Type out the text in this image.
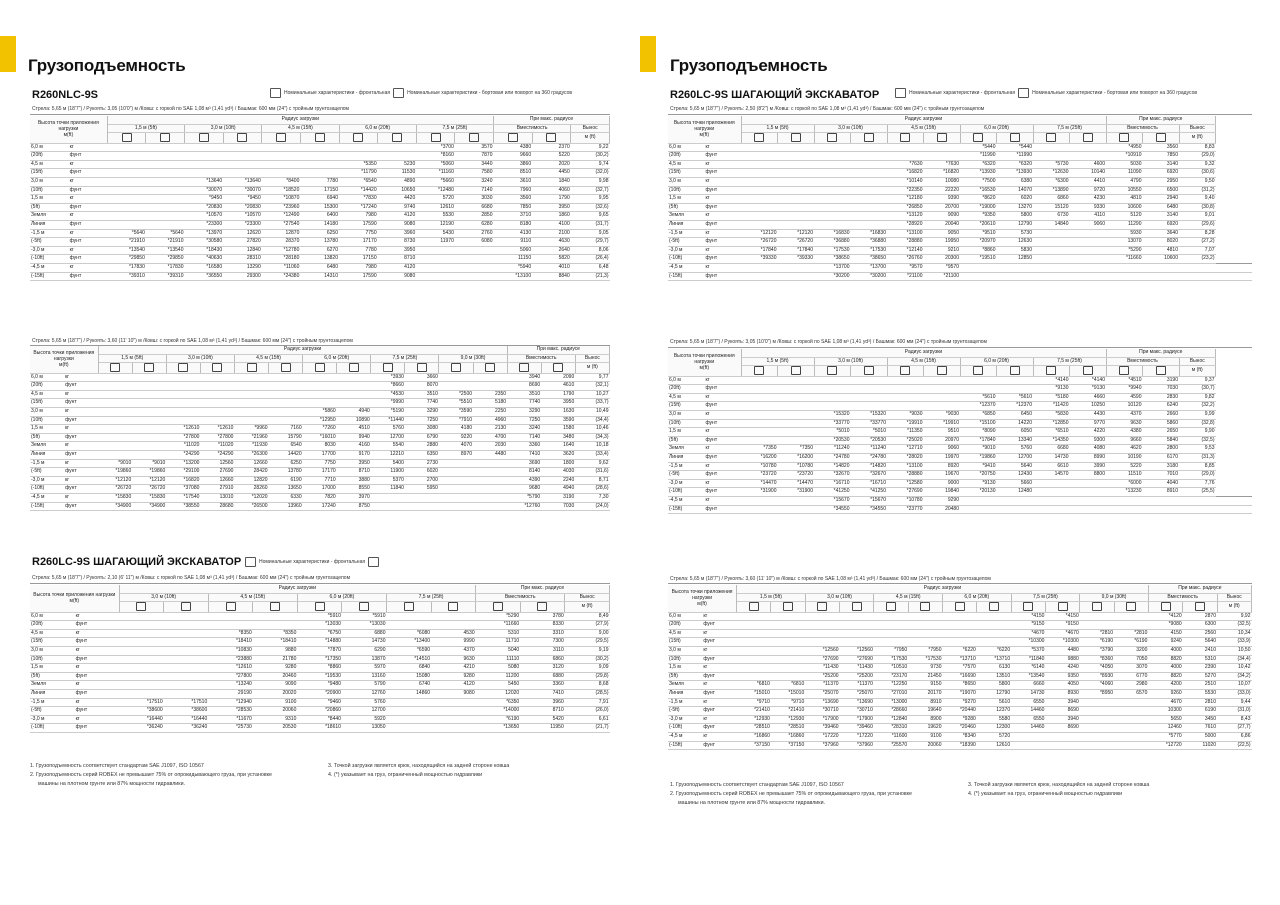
Грузоподъемность
R260NLC-9S	Номинальные характеристики - фронтальная	Номинальные характеристики - бортовая или поворот на 360 градусов
Стрела: 5,65 м (18'7") / Рукоять: 3,05 (10'0") м /Ковш: с горкой по SAE 1,08 м³ (1,41 yd³) / Башмак: 600 мм (24") с тройным грунтозацепом
Высота точки приложения нагрузки
м(ft)		Радиус загрузки										При макс. радиусе		
		1,5 м (5ft)		3,0 м (10ft)		4,5 м (15ft)		6,0 м (20ft)		7,5 м (25ft)		Вместимость		Вынос
														м (ft)
6,0 м	кг									*3700	3570	4380	2370	9,22
(20ft)	фунт									*8160	7870	9660	5220	(30,2)
4,5 м	кг							*5350	5230	*5060	3440	3860	2020	9,74
(15ft)	фунт							*11790	11530	*11160	7580	8510	4450	(32,0)
3,0 м	кг			*13640	*13640	*8400	7780	*6540	4890	*5660	3240	3610	1840	9,98
(10ft)	фунт			*30070	*30070	*18520	17150	*14420	10650	*12480	7140	7960	4060	(32,7)
1,5 м	кг			*9450	*9450	*10870	6940	*7830	4420	5720	3030	3560	1790	9,95
(5ft)	фунт			*20830	*20830	*23960	15300	*17240	9740	12610	6680	7850	3950	(32,6)
Земля	кг			*10570	*10570	*12490	6400	7980	4120	5530	2850	3710	1860	9,65
Линия	фунт			*23300	*23300	*27540	14180	17590	9080	12190	6280	8180	4100	(31,7)
-1,5 м	кг	*5640	*5640	*13970	12620	12870	6250	7750	3960	5430	2760	4130	2100	9,05
(-5ft)	фунт	*21910	*21910	*30580	27820	28370	13780	17170	8730	11970	6080	9110	4630	(29,7)
-3,0 м	кг	*13540	*13540	*18430	12840	*12780	6270	7780	3950			5060	2640	8,06
(-10ft)	фунт	*29850	*29850	*40630	28310	*28180	13820	17150	8710			11150	5820	(26,4)
-4,5 м	кг	*17830	*17830	*16580	13290	*11060	6480	7980	4120			*5940	4010	6,48
(-15ft)	фунт	*39310	*39310	*36550	29300	*24380	14310	17590	9080			*13100	8840	(21,3)
Стрела: 5,65 м (18'7") / Рукоять: 3,60 (11' 10") м /Ковш: с горкой по SAE 1,08 м³ (1,41 yd³) / Башмак: 600 мм (24") с тройным грунтозацепом
Высота точки приложения нагрузки
м(ft)		Радиус загрузки												При макс. радиусе		
		1,5 м (5ft)		3,0 м (10ft)		4,5 м (15ft)		6,0 м (20ft)		7,5 м (25ft)		9,0 м (30ft)		Вместимость		Вынос
																м (ft)
6,0 м	кг									*3930	3660			3940	2090	9,77
(20ft)	фунт									*8660	8070			8690	4610	(32,1)
4,5 м	кг									*4530	3510	*2500	2350	3510	1790	10,27
(15ft)	фунт									*9990	7740	*5510	5180	7740	3950	(33,7)
3,0 м	кг							*5860	4940	*5190	3290	*3590	2250	3290	1630	10,49
(10ft)	фунт							*12950	10890	*11440	7250	*7910	4960	7250	3590	(34,4)
1,5 м	кг			*12610	*12610	*9960	7160	*7260	4510	5760	3080	4180	2130	3240	1580	10,46
(5ft)	фунт			*27800	*27800	*21960	15790	*16010	9940	12700	6790	9220	4700	7140	3480	(34,3)
Земля	кг			*11020	*11020	*11930	6540	8030	4160	5540	2880	4070	2030	3360	1640	10,18
Линия	фунт			*24290	*24290	*26300	14420	17700	9170	12210	6350	8970	4480	7410	3620	(33,4)
-1,5 м	кг	*9010	*9010	*13200	12560	12660	6250	7750	3950	5400	2730			3690	1800	9,62
(-5ft)	фунт	*19860	*19860	*29100	27690	28420	13780	17170	8710	11900	6020			8140	4030	(31,6)
-3,0 м	кг	*12120	*12120	*16820	12660	12820	6190	7710	3880	5370	2700			4390	2240	8,71
(-10ft)	фунт	*26720	*26720	*37080	27910	28260	13650	17000	8550	11840	5950			9680	4940	(28,6)
-4,5 м	кг	*15830	*15830	*17540	13010	*12020	6330	7820	3970					*5790	3190	7,30
(-15ft)	фунт	*34900	*34900	*38550	28680	*26500	13960	17240	8750					*12760	7030	(24,0)
R260LC-9S ШАГАЮЩИЙ ЭКСКАВАТОР	Номинальные характеристики - фронтальная
Стрела: 5,65 м (18'7") / Рукоять: 2,10 (6' 11") м /Ковш: с горкой по SAE 1,08 м³ (1,41 yd³) / Башмак: 600 мм (24") с тройным грунтозацепом
Высота точки приложения нагрузки
м(ft)		Радиус загрузки								При макс. радиусе		
		3,0 м (10ft)		4,5 м (15ft)		6,0 м (20ft)		7,5 м (25ft)		Вместимость		Вынос
												м (ft)
6,0 м	кг					*5910	*5910			*5290	3780	8,49
(20ft)	фунт					*13030	*13030			*11660	8330	(27,9)
4,5 м	кг			*8350	*8350	*6750	6880	*6080	4530	5310	3310	9,00
(15ft)	фунт			*18410	*18410	*14880	14730	*13400	9990	11710	7300	(29,5)
3,0 м	кг			*10830	9880	*7870	6290	*6590	4370	5040	3110	9,19
(10ft)	фунт			*23880	21780	*17350	13870	*14510	9630	11110	6860	(30,2)
1,5 м	кг			*12610	9280	*8860	5970	6840	4210	5080	3120	9,09
(5ft)	фунт			*27800	20460	*19530	13160	15080	9280	11200	6880	(29,8)
Земля	кг			*13240	9090	*9480	5790	6740	4120	5450	3360	8,68
Линия	фунт			29190	20020	*20900	12760	14860	9080	12020	7410	(28,5)
-1,5 м	кг	*17510	*17510	*12940	9100	*9460	5760			*6350	3960	7,91
(-5ft)	фунт	*38600	*38600	*28530	20060	*20860	12700			*14000	8710	(26,0)
-3,0 м	кг	*16440	*16440	*11670	9310	*8440	5920			*6190	5420	6,61
(-10ft)	фунт	*36240	*36240	*25730	20530	*18610	13050			*13650	11950	(21,7)
1. Грузоподъемность соответствует стандартам SAE J1097, ISO 10567
2. Грузоподъемность серий ROBEX не превышает 75% от опрокидывающего груза, при установке
машины на плотном грунте или 87% мощности гидравлики.
3. Точкой загрузки является крюк, находящийся на задней стороне ковша
4. (*) указывает на груз, ограниченный мощностью гидравлики
Грузоподъемность
R260LC-9S ШАГАЮЩИЙ ЭКСКАВАТОР	Номинальные характеристики - фронтальная	Номинальные характеристики - бортовая или поворот на 360 градусов
Стрела: 5,65 м (18'7") / Рукоять: 2,50 (8'2") м /Ковш: с горкой по SAE 1,08 м³ (1,41 yd³) / Башмак: 600 мм (24") с тройным грунтозацепом
Высота точки приложения нагрузки
м(ft)		Радиус загрузки										При макс. радиусе			
		1,5 м (5ft)		3,0 м (10ft)		4,5 м (15ft)		6,0 м (20ft)		7,5 м (25ft)		Вместимость		Вынос	
														м (ft)	
6,0 м	кг							*5440	*5440			*4950	3560	8,83	
(20ft)	фунт							*11990	*11990			*10910	7850	(29,0)	
4,5 м	кг					*7630	*7630	*6320	*6320	*5730	4600	5030	3140	9,32	
(15ft)	фунт					*16820	*16820	*13930	*13930	*12630	10140	11090	6920	(30,6)	
3,0 м	кг					*10140	10080	*7500	6380	*6300	4410	4790	2950	9,50	
(10ft)	фунт					*22350	22220	*16530	14070	*13890	9720	10550	6500	(31,2)	
1,5 м	кг					*12180	9390	*8620	6020	6860	4230	4810	2940	9,40	
(5ft)	фунт					*26850	20700	*19000	13270	15120	9330	10600	6480	(30,8)	
Земля	кг					*13120	9090	*9350	5800	6730	4110	5120	3140	9,01	
Линия	фунт					*28920	20040	*20610	12790	14840	9060	11290	6920	(29,6)	
-1,5 м	кг	*12120	*12120	*16830	*16830	*13100	9050	*9510	5730			5930	3640	8,28	
(-5ft)	фунт	*26720	*26720	*36880	*36880	*28880	19950	*20970	12630			13070	8020	(27,2)	
-3,0 м	кг	*17840	*17840	*17530	*17530	*12140	9210	*8860	5830			*5290	4810	7,07	
(-10ft)	фунт	*39330	*39330	*38650	*38650	*26760	20300	*19510	12850			*11660	10600	(23,2)	
-4,5 м	кг			*13700	*13700	*9570	*9570								
(-15ft)	фунт			*30200	*30200	*21100	*21100								
Стрела: 5,65 м (18'7") / Рукоять: 3,05 (10'0") м /Ковш: с горкой по SAE 1,08 м³ (1,41 yd³) / Башмак: 600 мм (24") с тройным грунтозацепом
Высота точки приложения нагрузки
м(ft)		Радиус загрузки										При макс. радиусе			
		1,5 м (5ft)		3,0 м (10ft)		4,5 м (15ft)		6,0 м (20ft)		7,5 м (25ft)		Вместимость		Вынос	
														м (ft)	
6,0 м	кг									*4140	*4140	*4510	3190	9,37	
(20ft)	фунт									*9130	*9130	*9940	7030	(30,7)	
4,5 м	кг							*5610	*5610	*5180	4660	4590	2830	9,82	
(15ft)	фунт							*12370	*12370	*11420	10250	10120	6240	(32,2)	
3,0 м	кг			*15320	*15320	*9030	*9030	*6850	6450	*5830	4430	4370	2660	9,99	
(10ft)	фунт			*33770	*33770	*19910	*19910	*15100	14220	*12850	9770	9630	5860	(32,8)	
1,5 м	кг			*5010	*5010	*11350	9510	*8090	6050	*6510	4220	4380	2650	9,90	
(5ft)	фунт			*20530	*20530	*25020	20970	*17840	13340	*14350	9300	9660	5840	(32,5)	
Земля	кг	*7350	*7350	*11240	*11240	*12710	9060	*9010	5760	6680	4080	4620	2800	9,53	
Линия	фунт	*16200	*16200	*24780	*24780	*28020	19970	*19860	12700	14730	8990	10190	6170	(31,3)	
-1,5 м	кг	*10780	*10780	*14820	*14820	*13100	8920	*9410	5640	6610	3990	5220	3180	8,85	
(-5ft)	фунт	*23720	*23720	*32670	*32670	*28880	19670	*20750	12430	14570	8800	11510	7010	(29,0)	
-3,0 м	кг	*14470	*14470	*16710	*16710	*12580	9000	*9130	5660			*6000	4040	7,76	
(-10ft)	фунт	*31900	*31900	*41250	*41250	*27690	19840	*20130	12480			*13230	8910	(25,5)	
-4,5 м	кг			*15670	*15670	*10780	9290								
(-15ft)	фунт			*34550	*34550	*23770	20480								
Стрела: 5,65 м (18'7") / Рукоять: 3,60 (11' 10") м /Ковш: с горкой по SAE 1,08 м³ (1,41 yd³) / Башмак: 600 мм (24") с тройным грунтозацепом
Высота точки приложения нагрузки
м(ft)		Радиус загрузки												При макс. радиусе		
		1,5 м (5ft)		3,0 м (10ft)		4,5 м (15ft)		6,0 м (20ft)		7,5 м (25ft)		9,0 м (30ft)		Вместимость		Вынос
																м (ft)
6,0 м	кг									*4150	*4150			*4120	2870	9,92
(20ft)	фунт									*9150	*9150			*9080	6300	(32,5)
4,5 м	кг									*4670	*4670	*2810	*2810	4150	2560	10,34
(15ft)	фунт									*10300	*10300	*6190	*6190	9240	5640	(33,9)
3,0 м	кг			*12560	*12560	*7950	*7950	*6220	*6220	*5370	4480	*3790	3200	4000	2410	10,50
(10ft)	фунт			*27690	*27690	*17530	*17530	*13710	*13710	*11840	9880	*8360	7050	8820	5310	(34,4)
1,5 м	кг			*11430	*11430	*10510	9730	*7570	6130	*6140	4240	*4050	3070	4000	2390	10,42
(5ft)	фунт			*25200	*25200	*23170	21450	*16690	13510	*13540	9350	*8930	6770	8820	5270	(34,2)
Земля	кг	*6810	*6810	*11370	*11370	*12250	9150	*8650	5800	6660	4050	*4060	2980	4200	2510	10,07
Линия	фунт	*15010	*15010	*25070	*25070	*27010	20170	*19070	12790	14730	8930	*8950	6570	9260	5530	(33,0)
-1,5 м	кг	*9710	*9710	*13690	*13690	*13000	8910	*9270	5610	6550	3940			4670	2810	9,44
(-5ft)	фунт	*21410	*21410	*30710	*30710	*28660	19640	*20440	12370	14460	8690			10300	6190	(31,0)
-3,0 м	кг	*12930	*12930	*17900	*17900	*12840	8900	*9280	5580	6550	3940			5650	3450	8,43
(-10ft)	фунт	*28510	*28510	*39460	*39460	*28310	19620	*20460	12300	14460	8690			12460	7610	(27,7)
-4,5 м	кг	*16860	*16860	*17220	*17220	*11600	9100	*8340	5720					*5770	5000	6,86
(-15ft)	фунт	*37150	*37150	*37960	*37960	*25570	20060	*18390	12610					*12720	11020	(22,5)
1. Грузоподъемность соответствует стандартам SAE J1097, ISO 10567
2. Грузоподъемность серий ROBEX не превышает 75% от опрокидывающего груза, при установке
машины на плотном грунте или 87% мощности гидравлики.
3. Точкой загрузки является крюк, находящийся на задней стороне ковша
4. (*) указывает на груз, ограниченный мощностью гидравлики
